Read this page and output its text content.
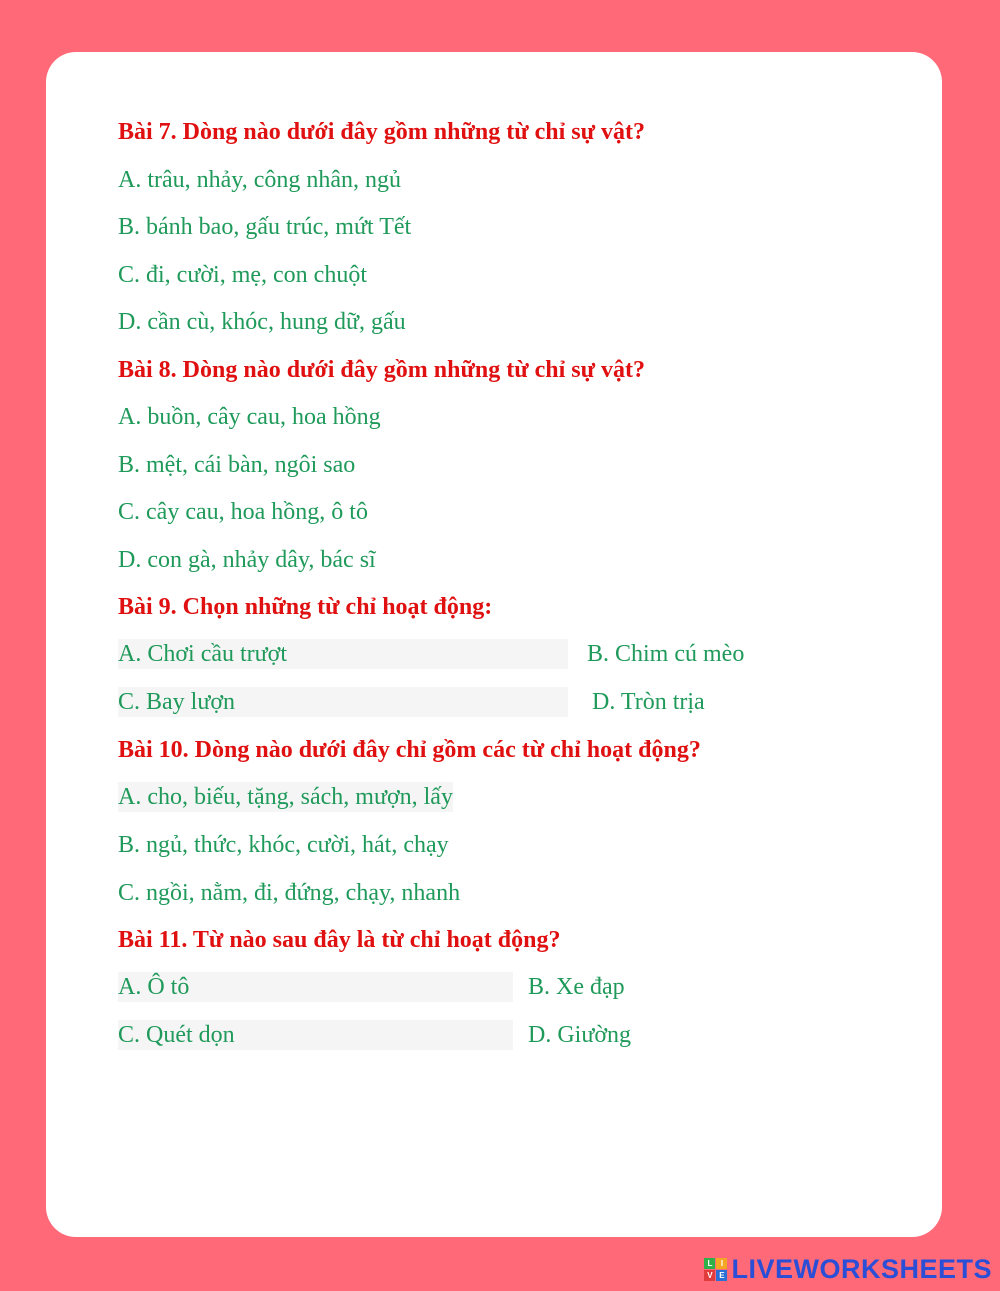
Bài 7. Dòng nào dưới đây gồm những từ chỉ sự vật?
A. trâu, nhảy, công nhân, ngủ
B. bánh bao, gấu trúc, mứt Tết
C. đi, cười, mẹ, con chuột
D. cần cù, khóc, hung dữ, gấu
Bài 8. Dòng nào dưới đây gồm những từ chỉ sự vật?
A. buồn, cây cau, hoa hồng
B. mệt, cái bàn, ngôi sao
C. cây cau, hoa hồng, ô tô
D. con gà, nhảy dây, bác sĩ
Bài 9. Chọn những từ chỉ hoạt động:
A. Chơi cầu trượt	B. Chim cú mèo
C. Bay lượn	D. Tròn trịa
Bài 10. Dòng nào dưới đây chỉ gồm các từ chỉ hoạt động?
A. cho, biếu, tặng, sách, mượn, lấy
B. ngủ, thức, khóc, cười, hát, chạy
C. ngồi, nằm, đi, đứng, chạy, nhanh
Bài 11. Từ nào sau đây là từ chỉ hoạt động?
A. Ô tô	B. Xe đạp
C. Quét dọn	D. Giường
L	I
V E LIVEWORKSHEETS
